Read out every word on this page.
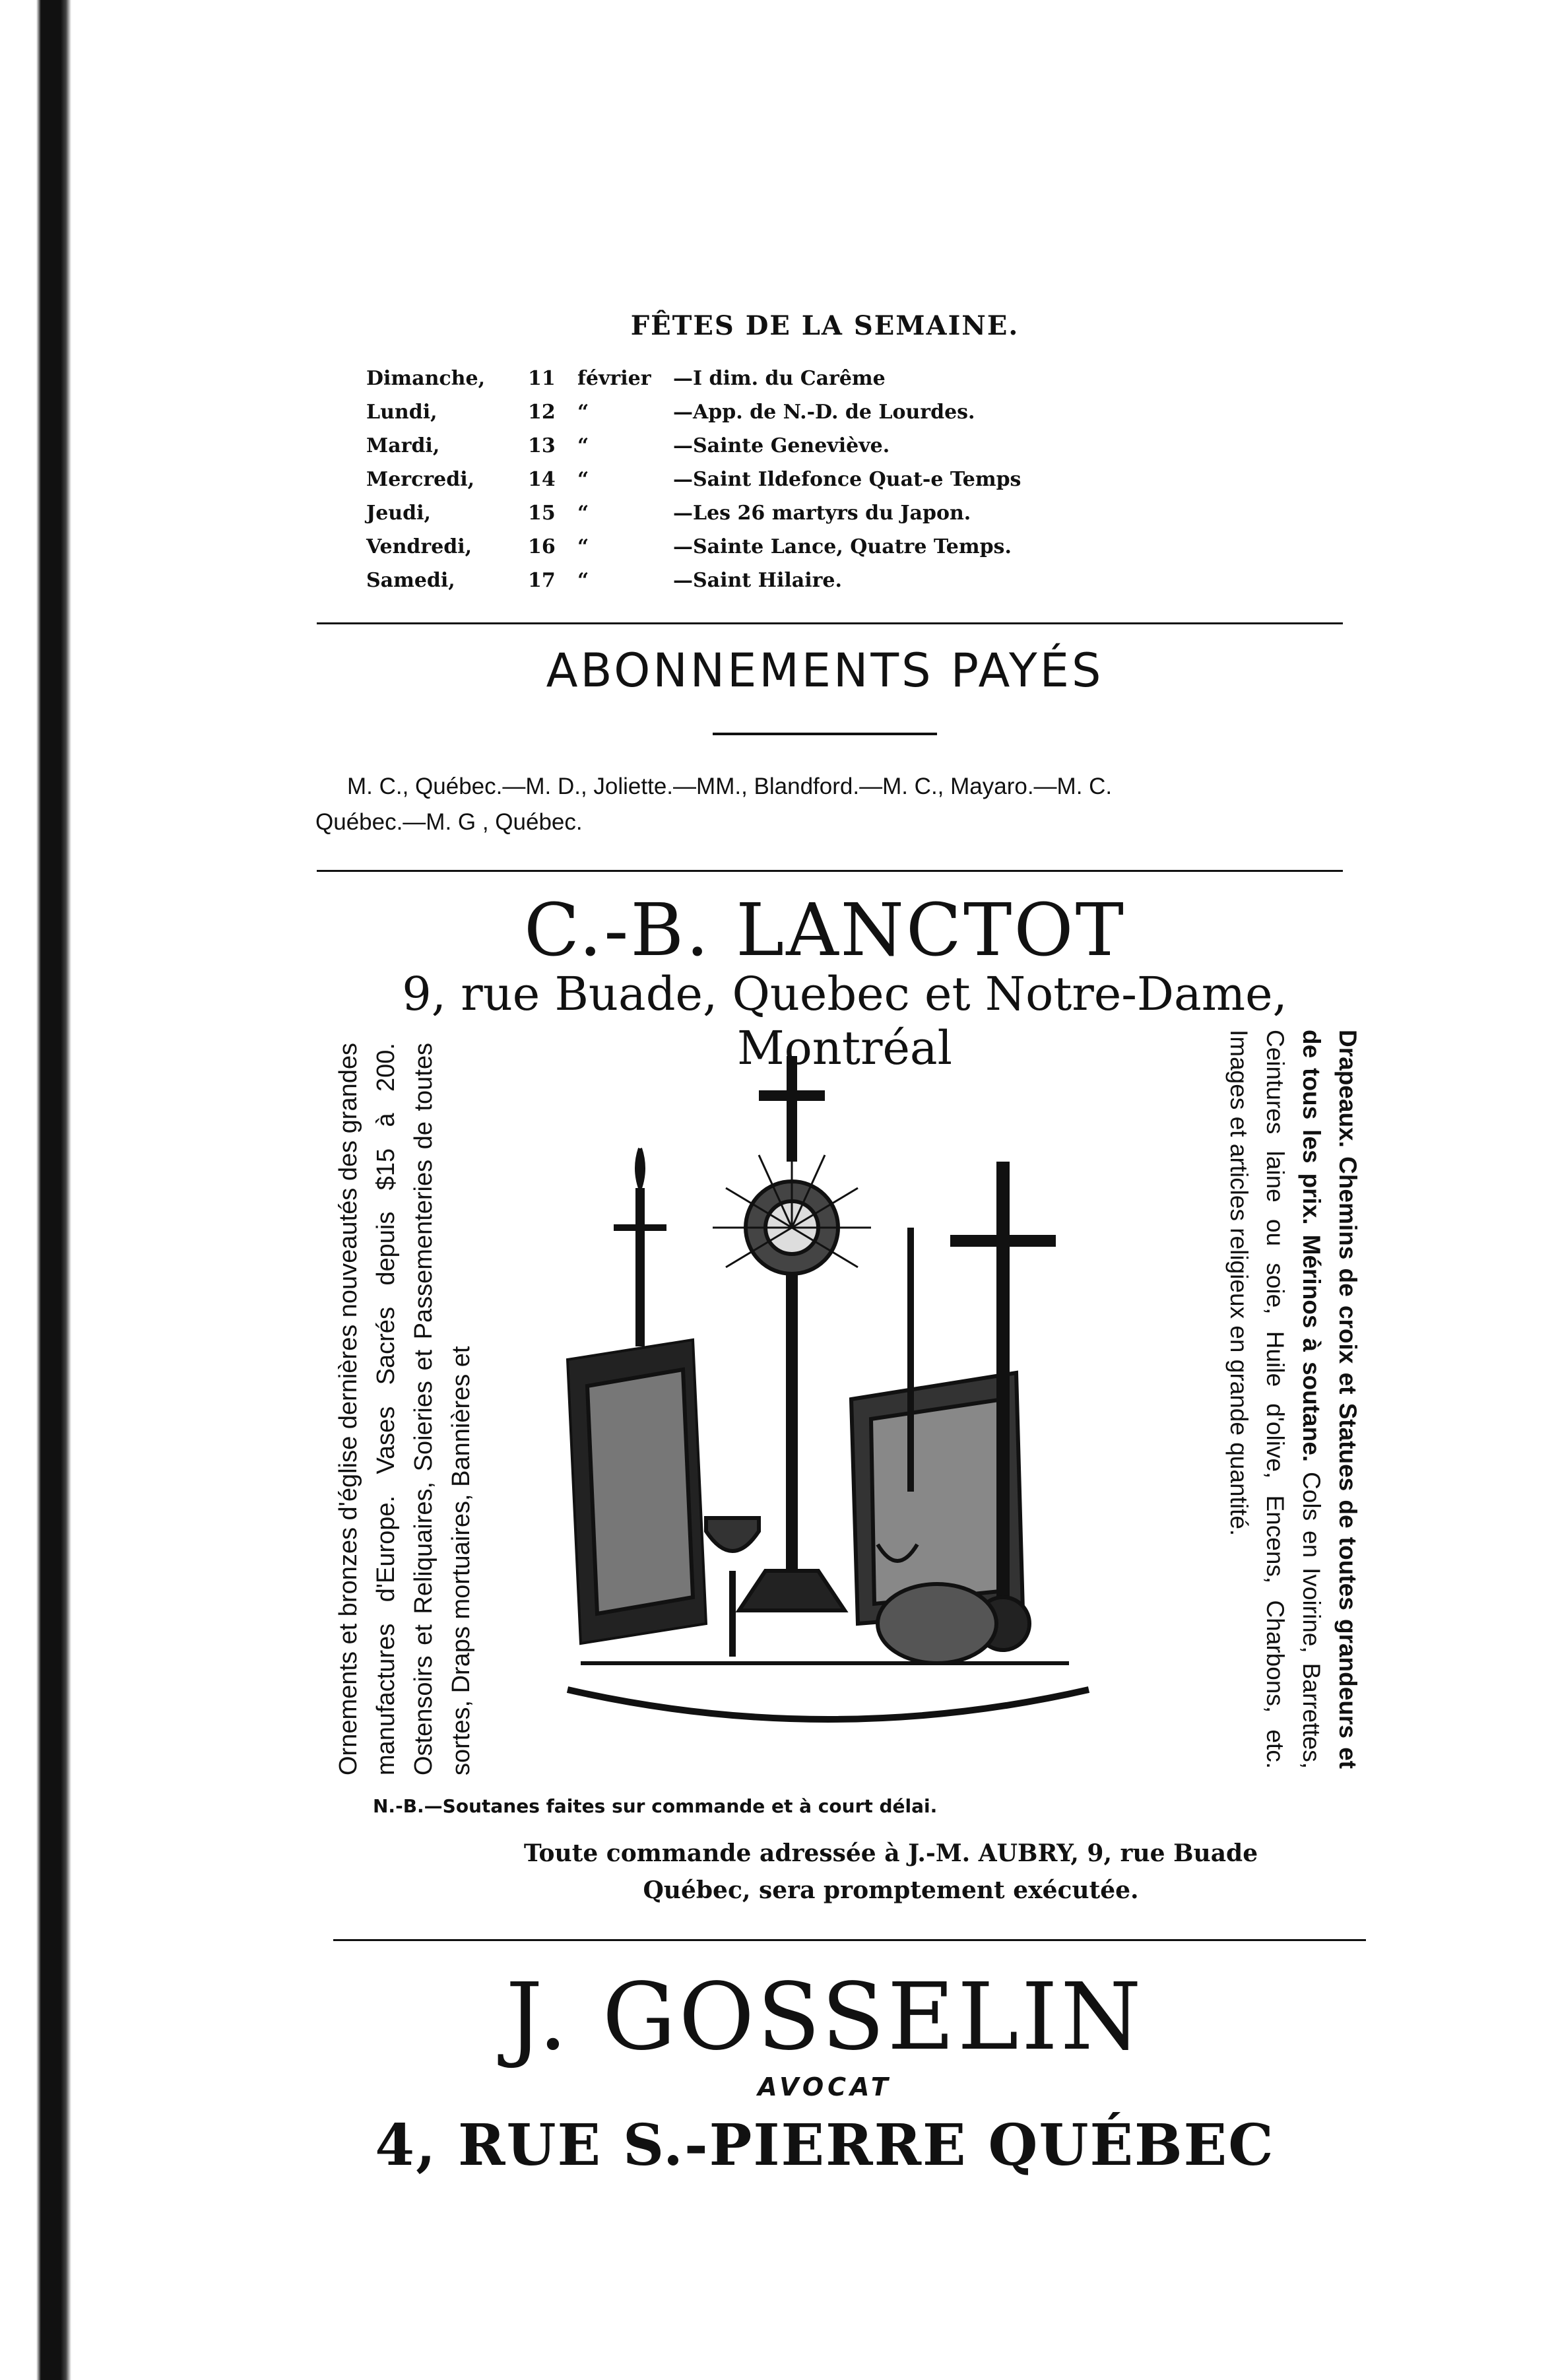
FÊTES DE LA SEMAINE.
Dimanche,	11	février	—I dim. du Carême
Lundi,	12	“	—App. de N.-D. de Lourdes.
Mardi,	13	“	—Sainte Geneviève.
Mercredi,	14	“	—Saint Ildefonce Quat-e Temps
Jeudi,	15	“	—Les 26 martyrs du Japon.
Vendredi,	16	“	—Sainte Lance, Quatre Temps.
Samedi,	17	“	—Saint Hilaire.
ABONNEMENTS PAYÉS
M. C., Québec.—M. D., Joliette.—MM., Blandford.—M. C., Mayaro.—M. C.
Québec.—M. G , Québec.
C.-B. LANCTOT
9, rue Buade, Quebec et Notre-Dame, Montréal
Ornements et bronzes d'église dernières nouveautés des grandes manufactures d'Europe. Vases Sacrés depuis $15 à 200. Ostensoirs et Reliquaires, Soieries et Passementeries de toutes sortes, Draps mortuaires, Bannières et	Drapeaux. Chemins de croix et Statues de toutes grandeurs et de tous les prix. Mérinos à soutane. Cols en Ivoirine, Barrettes, Ceintures laine ou soie, Huile d'olive, Encens, Charbons, etc. Images et articles religieux en grande quantité.
N.-B.—Soutanes faites sur commande et à court délai.
Toute commande adressée à J.-M. AUBRY, 9, rue Buade
Québec, sera promptement exécutée.
J. GOSSELIN
AVOCAT
4, RUE S.-PIERRE QUÉBEC
